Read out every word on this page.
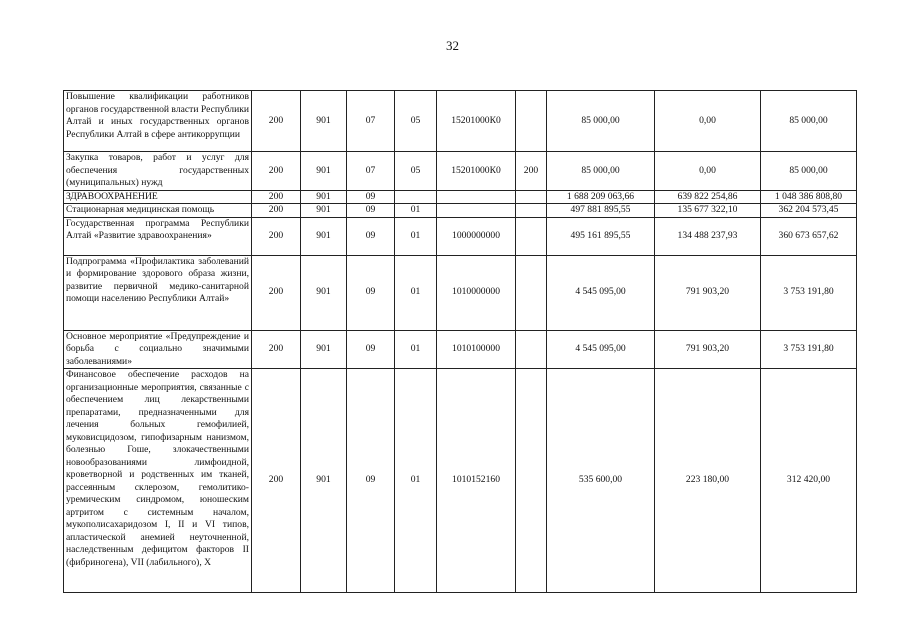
32
Повышение квалификации работников органов государственной власти Республики Алтай и иных государственных органов Республики Алтай в сфере антикоррупции	200	901	07	05	15201000К0		85 000,00	0,00	85 000,00
Закупка товаров, работ и услуг для обеспечения государственных (муниципальных) нужд	200	901	07	05	15201000К0	200	85 000,00	0,00	85 000,00
ЗДРАВООХРАНЕНИЕ	200	901	09				1 688 209 063,66	639 822 254,86	1 048 386 808,80
Стационарная медицинская помощь	200	901	09	01			497 881 895,55	135 677 322,10	362 204 573,45
Государственная программа Республики Алтай «Развитие здравоохранения»	200	901	09	01	1000000000		495 161 895,55	134 488 237,93	360 673 657,62
Подпрограмма «Профилактика заболеваний и формирование здорового образа жизни, развитие первичной медико-санитарной помощи населению Республики Алтай»	200	901	09	01	1010000000		4 545 095,00	791 903,20	3 753 191,80
Основное мероприятие «Предупреждение и борьба с социально значимыми заболеваниями»	200	901	09	01	1010100000		4 545 095,00	791 903,20	3 753 191,80
Финансовое обеспечение расходов на организационные мероприятия, связанные с обеспечением лиц лекарственными препаратами, предназначенными для лечения больных гемофилией, муковисцидозом, гипофизарным нанизмом, болезнью Гоше, злокачественными новообразованиями лимфоидной, кроветворной и родственных им тканей, рассеянным склерозом, гемолитико-уремическим синдромом, юношеским артритом с системным началом, мукополисахаридозом I, II и VI типов, апластической анемией неуточненной, наследственным дефицитом факторов II (фибриногена), VII (лабильного), X	200	901	09	01	1010152160		535 600,00	223 180,00	312 420,00
